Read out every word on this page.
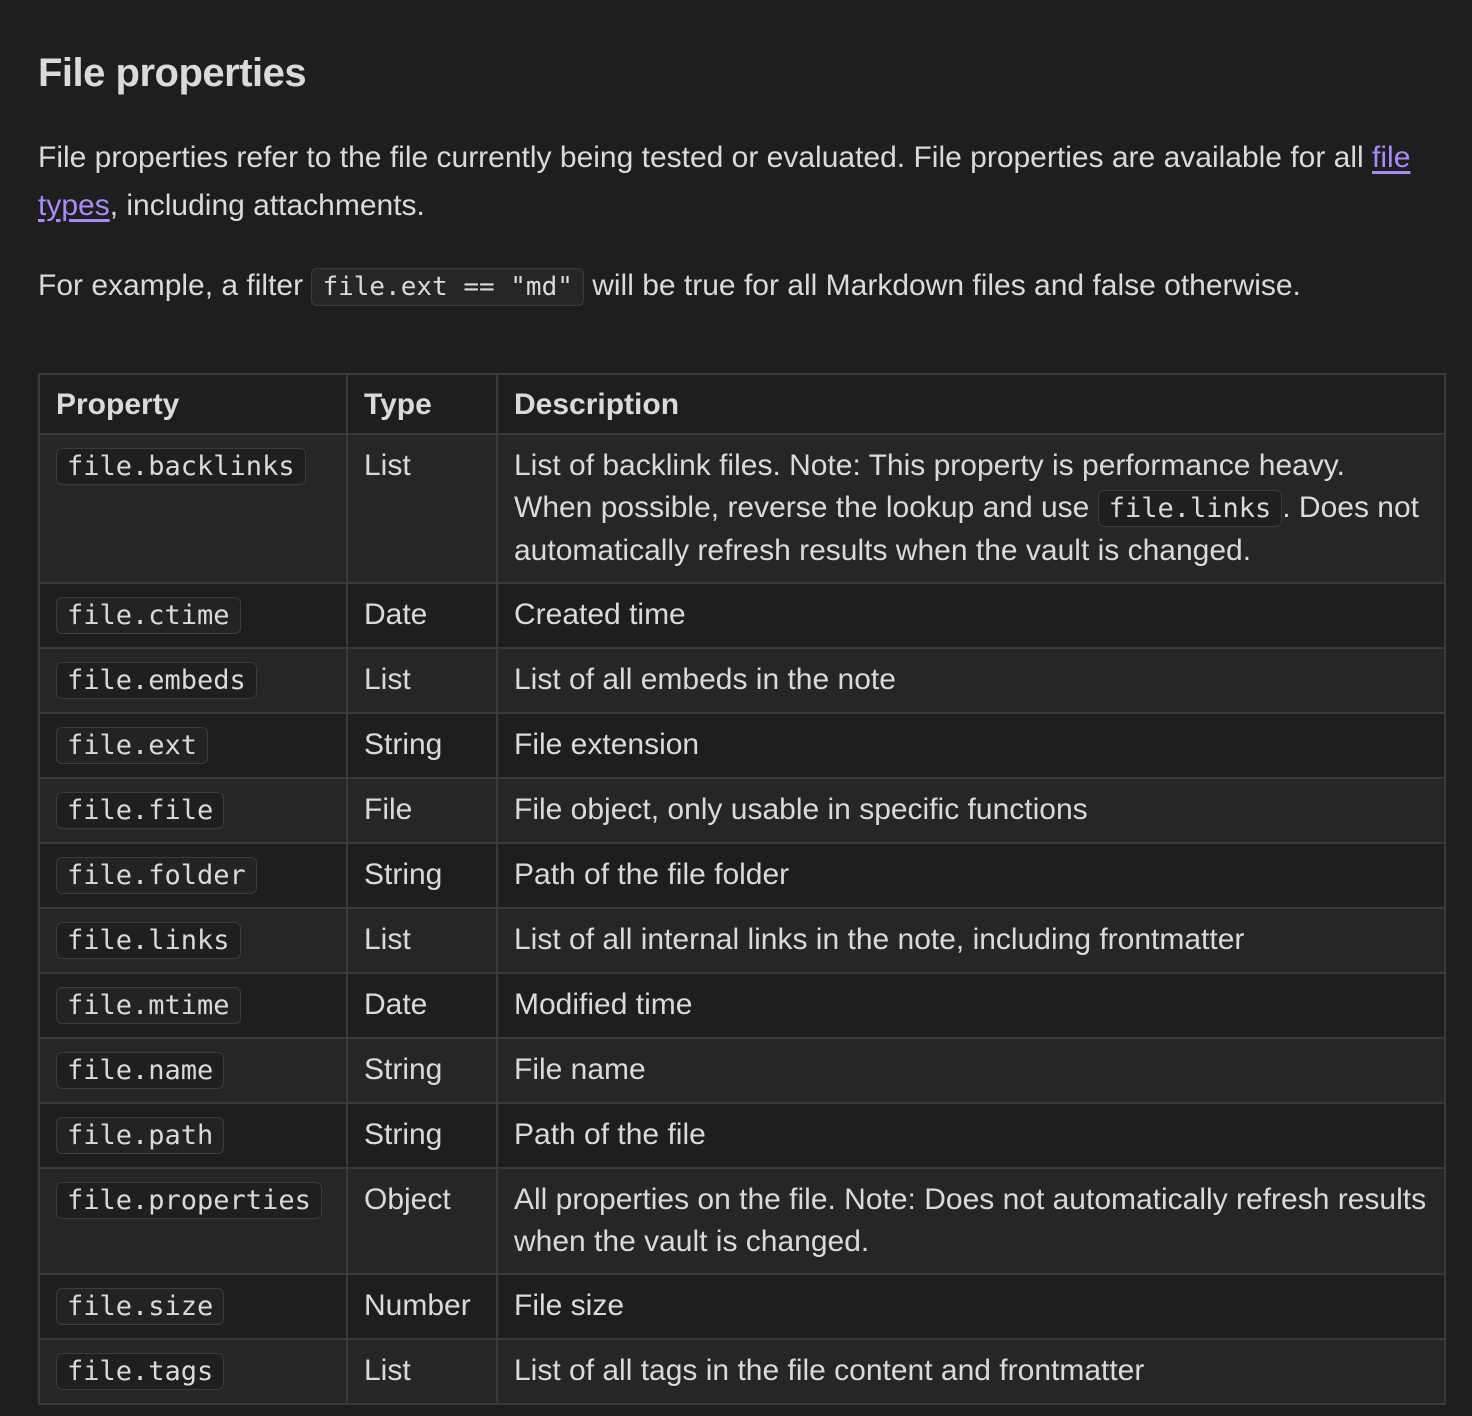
File properties

File properties refer to the file currently being tested or evaluated. File properties are available for all file types, including attachments.

For example, a filter file.ext == "md" will be true for all Markdown files and false otherwise.

Property	Type	Description
file.backlinks	List	List of backlink files. Note: This property is performance heavy. When possible, reverse the lookup and use file.links . Does not automatically refresh results when the vault is changed.
file.ctime	Date	Created time
file.embeds	List	List of all embeds in the note
file.ext	String	File extension
file.file	File	File object, only usable in specific functions
file.folder	String	Path of the file folder
file.links	List	List of all internal links in the note, including frontmatter
file.mtime	Date	Modified time
file.name	String	File name
file.path	String	Path of the file
file.properties	Object	All properties on the file. Note: Does not automatically refresh results when the vault is changed.
file.size	Number	File size
file.tags	List	List of all tags in the file content and frontmatter
